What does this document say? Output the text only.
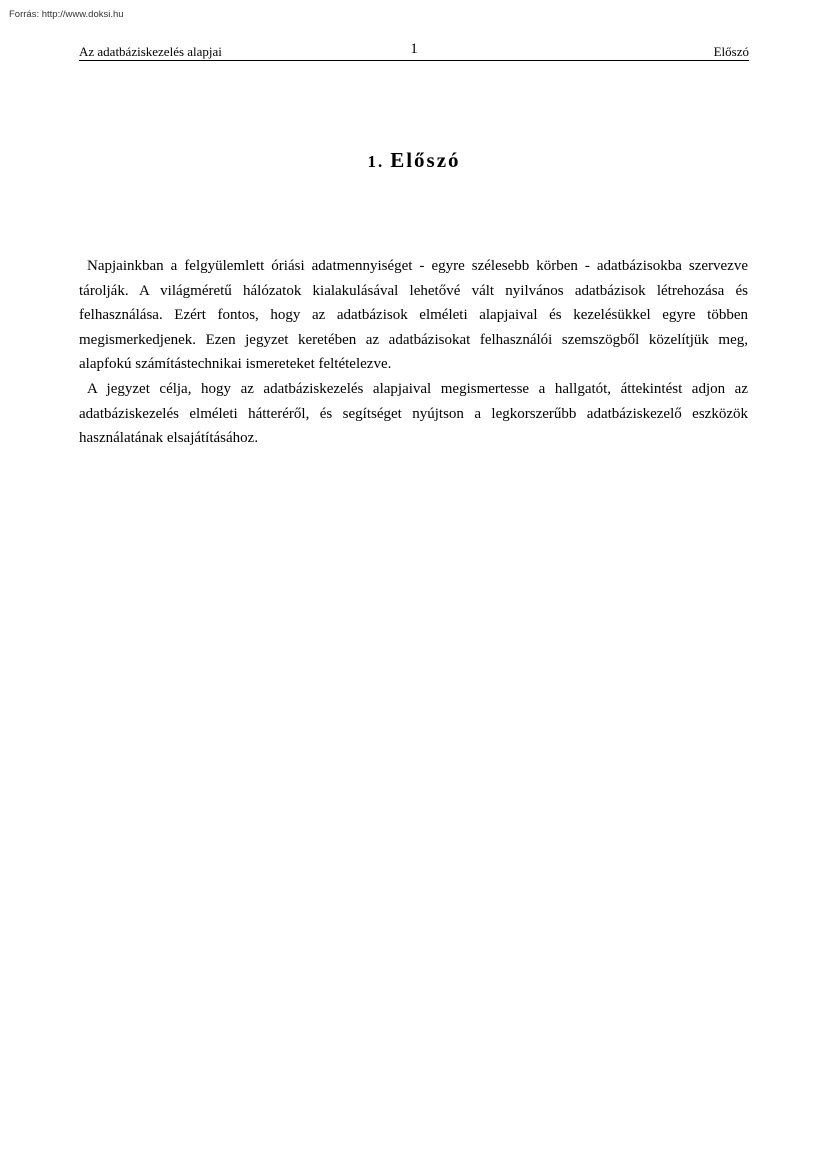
Forrás: http://www.doksi.hu
Az adatbáziskezelés alapjai	1	Előszó
1. Előszó

Napjainkban a felgyülemlett óriási adatmennyiséget - egyre szélesebb körben - adatbázisokba szervezve tárolják. A világméretű hálózatok kialakulásával lehetővé vált nyilvános adatbázisok létrehozása és felhasználása. Ezért fontos, hogy az adatbázisok elméleti alapjaival és kezelésükkel egyre többen megismerkedjenek. Ezen jegyzet keretében az adatbázisokat felhasználói szemszögből közelítjük meg, alapfokú számítástechnikai ismereteket feltételezve.

A jegyzet célja, hogy az adatbáziskezelés alapjaival megismertesse a hallgatót, áttekintést adjon az adatbáziskezelés elméleti hátteréről, és segítséget nyújtson a legkorszerűbb adatbáziskezelő eszközök használatának elsajátításához.
